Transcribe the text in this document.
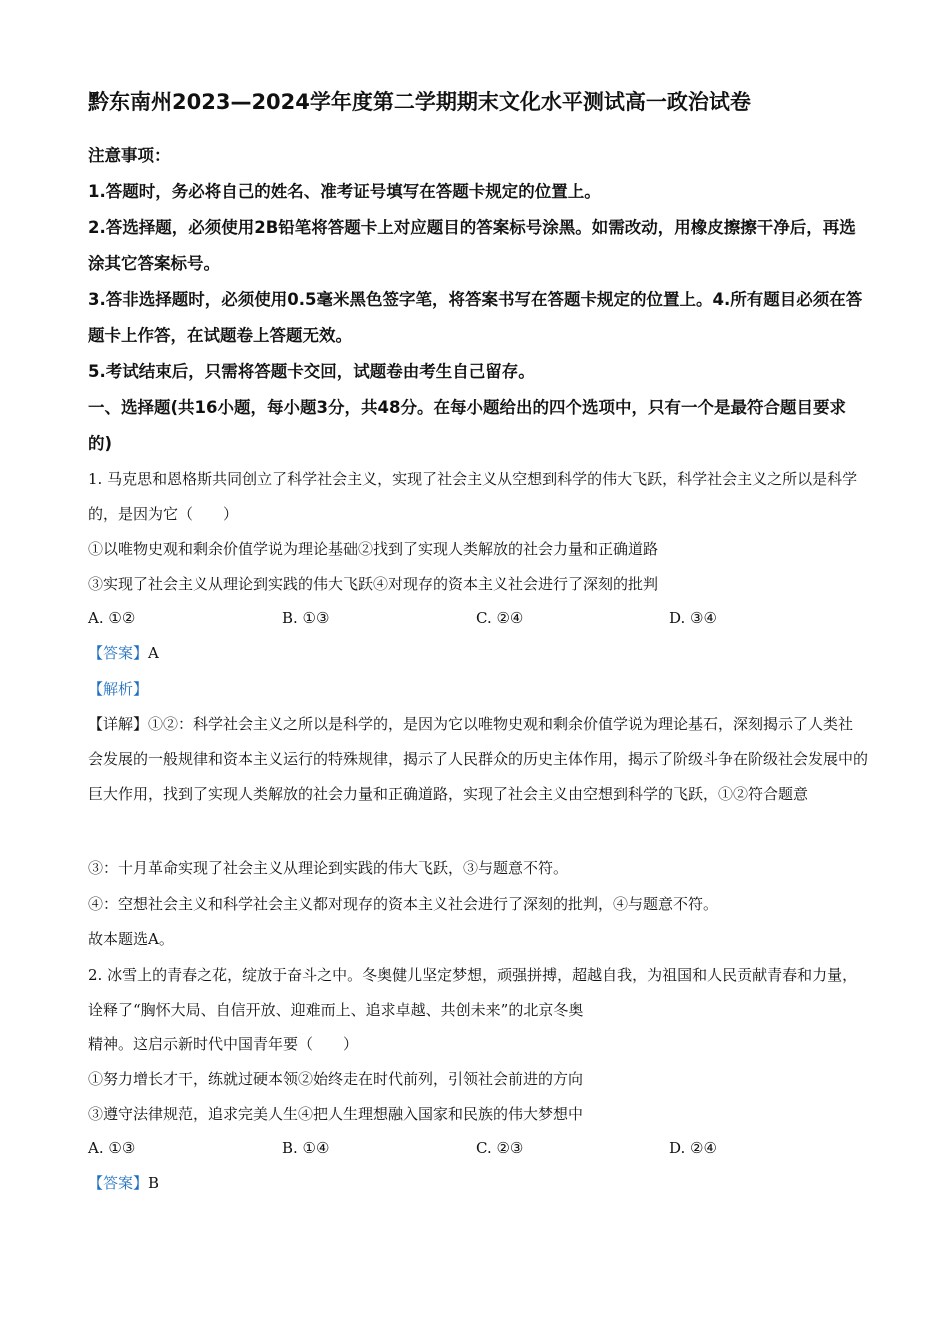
黔东南州2023—2024学年度第二学期期末文化水平测试高一政治试卷
注意事项：
1.答题时，务必将自己的姓名、准考证号填写在答题卡规定的位置上。
2.答选择题，必须使用2B铅笔将答题卡上对应题目的答案标号涂黑。如需改动，用橡皮擦擦干净后，再选涂其它答案标号。
3.答非选择题时，必须使用0.5毫米黑色签字笔，将答案书写在答题卡规定的位置上。4.所有题目必须在答题卡上作答，在试题卷上答题无效。
5.考试结束后，只需将答题卡交回，试题卷由考生自己留存。
一、选择题(共16小题，每小题3分，共48分。在每小题给出的四个选项中，只有一个是最符合题目要求的)
1. 马克思和恩格斯共同创立了科学社会主义，实现了社会主义从空想到科学的伟大飞跃，科学社会主义之所以是科学的，是因为它（　　）
①以唯物史观和剩余价值学说为理论基础②找到了实现人类解放的社会力量和正确道路
③实现了社会主义从理论到实践的伟大飞跃④对现存的资本主义社会进行了深刻的批判
A. ①②	B. ①③	C. ②④	D. ③④
【答案】A
【解析】
【详解】①②：科学社会主义之所以是科学的，是因为它以唯物史观和剩余价值学说为理论基石，深刻揭示了人类社会发展的一般规律和资本主义运行的特殊规律，揭示了人民群众的历史主体作用，揭示了阶级斗争在阶级社会发展中的巨大作用，找到了实现人类解放的社会力量和正确道路，实现了社会主义由空想到科学的飞跃，①②符合题意
③：十月革命实现了社会主义从理论到实践的伟大飞跃，③与题意不符。
④：空想社会主义和科学社会主义都对现存的资本主义社会进行了深刻的批判，④与题意不符。
故本题选A。
2. 冰雪上的青春之花，绽放于奋斗之中。冬奥健儿坚定梦想，顽强拼搏，超越自我，为祖国和人民贡献青春和力量，诠释了“胸怀大局、自信开放、迎难而上、追求卓越、共创未来”的北京冬奥
精神。这启示新时代中国青年要（　　）
①努力增长才干，练就过硬本领②始终走在时代前列，引领社会前进的方向
③遵守法律规范，追求完美人生④把人生理想融入国家和民族的伟大梦想中
A. ①③	B. ①④	C. ②③	D. ②④
【答案】B
